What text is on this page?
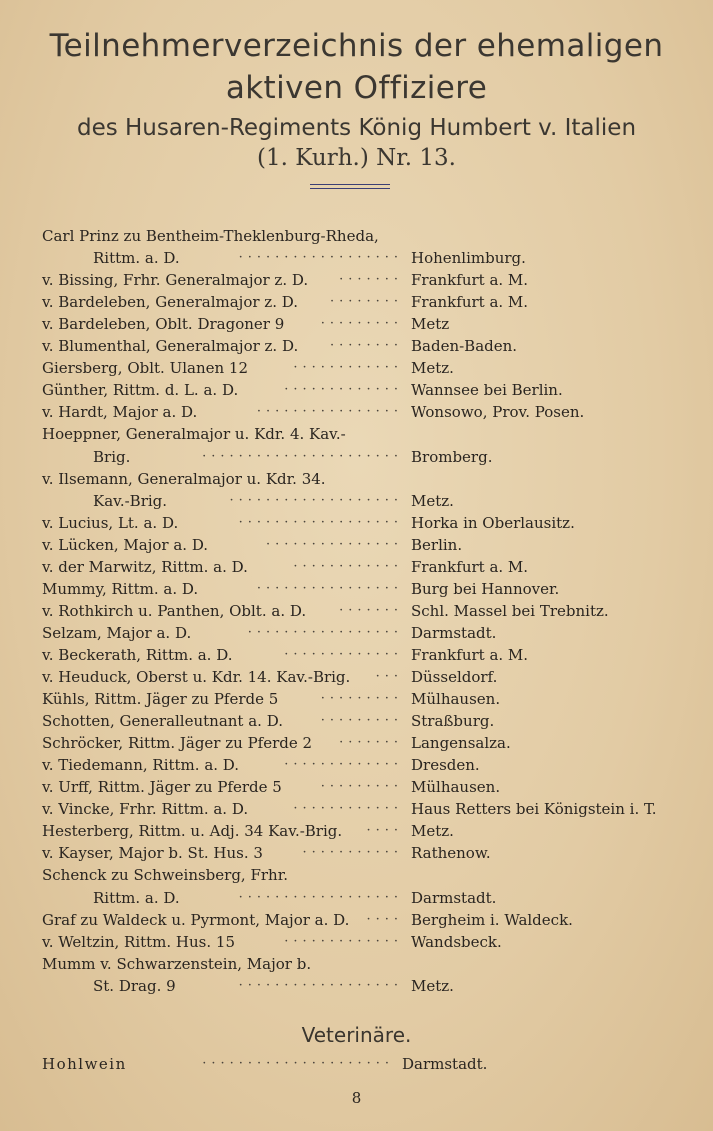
Teilnehmerverzeichnis der ehemaligen
aktiven Offiziere
des Husaren-Regiments König Humbert v. Italien
(1. Kurh.) Nr. 13.
Carl Prinz zu Bentheim-Theklenburg-Rheda,
Rittm. a. D.	·················· Hohenlimburg.
v. Bissing, Frhr. Generalmajor z. D.	······· Frankfurt a. M.
v. Bardeleben, Generalmajor z. D.	········ Frankfurt a. M.
v. Bardeleben, Oblt. Dragoner 9	········· Metz
v. Blumenthal, Generalmajor z. D.	········ Baden-Baden.
Giersberg, Oblt. Ulanen 12	············ Metz.
Günther, Rittm. d. L. a. D.	············· Wannsee bei Berlin.
v. Hardt, Major a. D.	················ Wonsowo, Prov. Posen.
Hoeppner, Generalmajor u. Kdr. 4. Kav.-
Brig.	······················ Bromberg.
v. Ilsemann, Generalmajor u. Kdr. 34.
Kav.-Brig.	··················· Metz.
v. Lucius, Lt. a. D.	·················· Horka in Oberlausitz.
v. Lücken, Major a. D.	··············· Berlin.
v. der Marwitz, Rittm. a. D.	············ Frankfurt a. M.
Mummy, Rittm. a. D.	················ Burg bei Hannover.
v. Rothkirch u. Panthen, Oblt. a. D.	······· Schl. Massel bei Trebnitz.
Selzam, Major a. D.	················· Darmstadt.
v. Beckerath, Rittm. a. D.	············· Frankfurt a. M.
v. Heuduck, Oberst u. Kdr. 14. Kav.-Brig.	··· Düsseldorf.
Kühls, Rittm. Jäger zu Pferde 5	········· Mülhausen.
Schotten, Generalleutnant a. D.	········· Straßburg.
Schröcker, Rittm. Jäger zu Pferde 2	······· Langensalza.
v. Tiedemann, Rittm. a. D.	············· Dresden.
v. Urff, Rittm. Jäger zu Pferde 5	········· Mülhausen.
v. Vincke, Frhr. Rittm. a. D.	············ Haus Retters bei Königstein i. T.
Hesterberg, Rittm. u. Adj. 34 Kav.-Brig.	···· Metz.
v. Kayser, Major b. St. Hus. 3	··········· Rathenow.
Schenck zu Schweinsberg, Frhr.
Rittm. a. D.	·················· Darmstadt.
Graf zu Waldeck u. Pyrmont, Major a. D.	···· Bergheim i. Waldeck.
v. Weltzin, Rittm. Hus. 15	············· Wandsbeck.
Mumm v. Schwarzenstein, Major b.
St. Drag. 9	·················· Metz.
Veterinäre.
Hohlwein	····················· Darmstadt.
8
